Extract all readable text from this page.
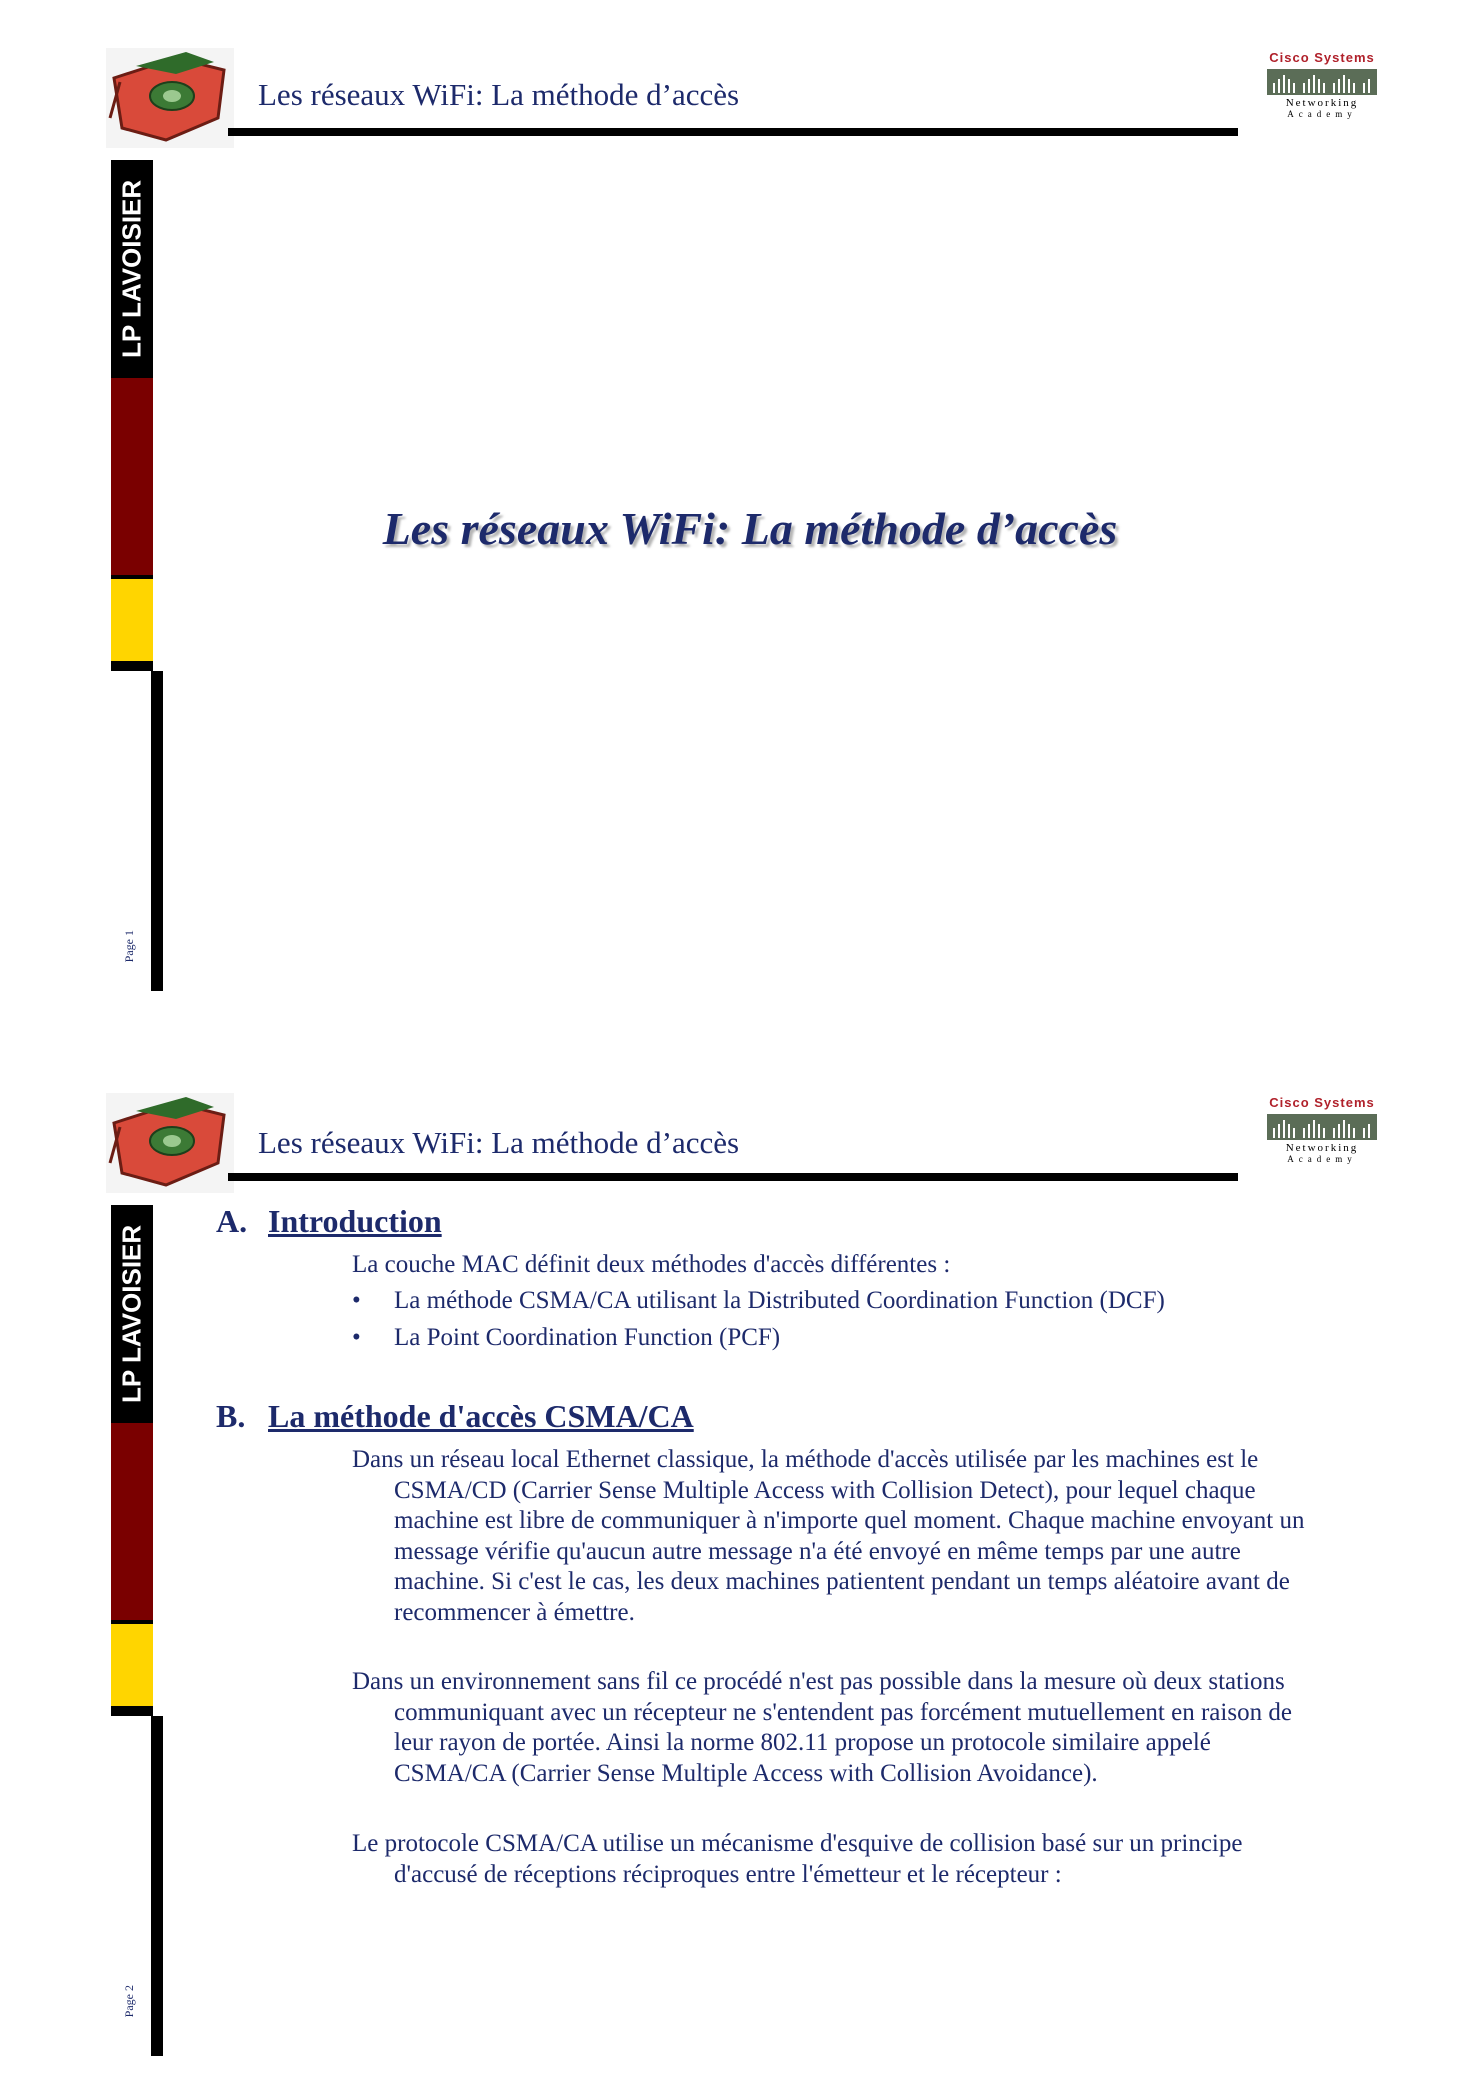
Les réseaux WiFi: La méthode d’accès
Cisco Systems
Networking
Academy
LP LAVOISIER
Page 1
Les réseaux WiFi: La méthode d’accès
Les réseaux WiFi: La méthode d’accès
Cisco Systems
Networking
Academy
LP LAVOISIER
Page 2
A. Introduction
La couche MAC définit deux méthodes d'accès différentes :
• La méthode CSMA/CA utilisant la Distributed Coordination Function (DCF)
• La Point Coordination Function (PCF)
B. La méthode d'accès CSMA/CA
Dans un réseau local Ethernet classique, la méthode d'accès utilisée par les machines est le CSMA/CD (Carrier Sense Multiple Access with Collision Detect), pour lequel chaque machine est libre de communiquer à n'importe quel moment. Chaque machine envoyant un message vérifie qu'aucun autre message n'a été envoyé en même temps par une autre machine. Si c'est le cas, les deux machines patientent pendant un temps aléatoire avant de recommencer à émettre.
Dans un environnement sans fil ce procédé n'est pas possible dans la mesure où deux stations communiquant avec un récepteur ne s'entendent pas forcément mutuellement en raison de leur rayon de portée. Ainsi la norme 802.11 propose un protocole similaire appelé CSMA/CA (Carrier Sense Multiple Access with Collision Avoidance).
Le protocole CSMA/CA utilise un mécanisme d'esquive de collision basé sur un principe d'accusé de réceptions réciproques entre l'émetteur et le récepteur :
